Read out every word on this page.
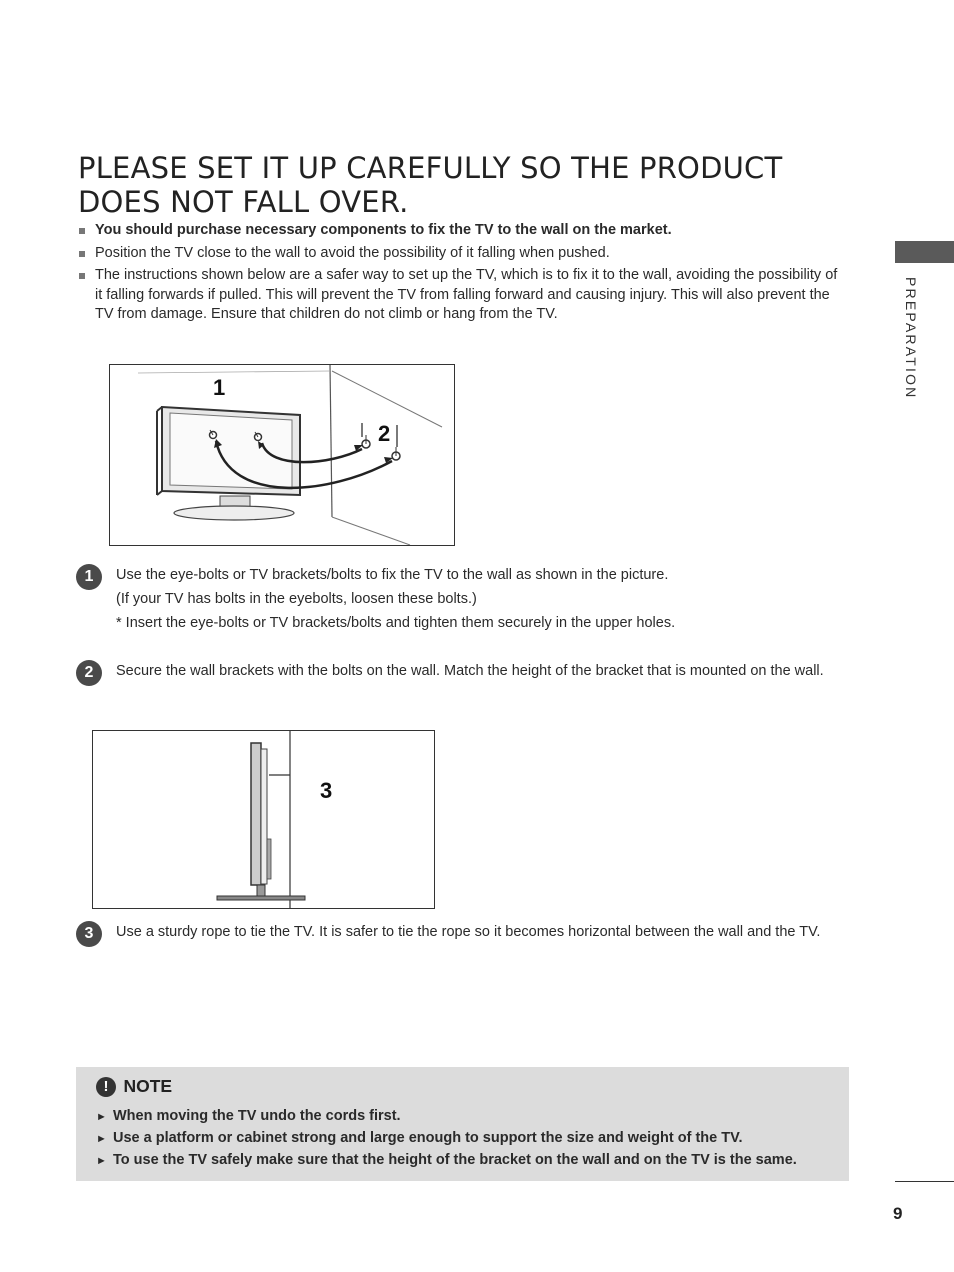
PLEASE SET IT UP CAREFULLY SO THE PRODUCT DOES NOT FALL OVER.
You should purchase necessary components to fix the TV to the wall on the market.
Position the TV close to the wall to avoid the possibility of it falling when pushed.
The instructions shown below are a safer way to set up the TV, which is to fix it to the wall, avoiding the possibility of it falling forwards if pulled. This will prevent the TV from falling forward and causing injury. This will also prevent the TV from damage. Ensure that children do not climb or hang from the TV.	PREPARATION
1
2
1	Use the eye-bolts or TV brackets/bolts to fix the TV to the wall as shown in the picture.
(If your TV has bolts in the eyebolts, loosen these bolts.)
* Insert the eye-bolts or TV brackets/bolts and tighten them securely in the upper holes.
2	Secure the wall brackets with the bolts on the wall. Match the height of the bracket that is mounted on the wall.
3
3	Use a sturdy rope to tie the TV. It is safer to tie the rope so it becomes horizontal between the wall and the TV.
! NOTE
► When moving the TV undo the cords first.
► Use a platform or cabinet strong and large enough to support the size and weight of the TV.
► To use the TV safely make sure that the height of the bracket on the wall and on the TV is the same.
9
